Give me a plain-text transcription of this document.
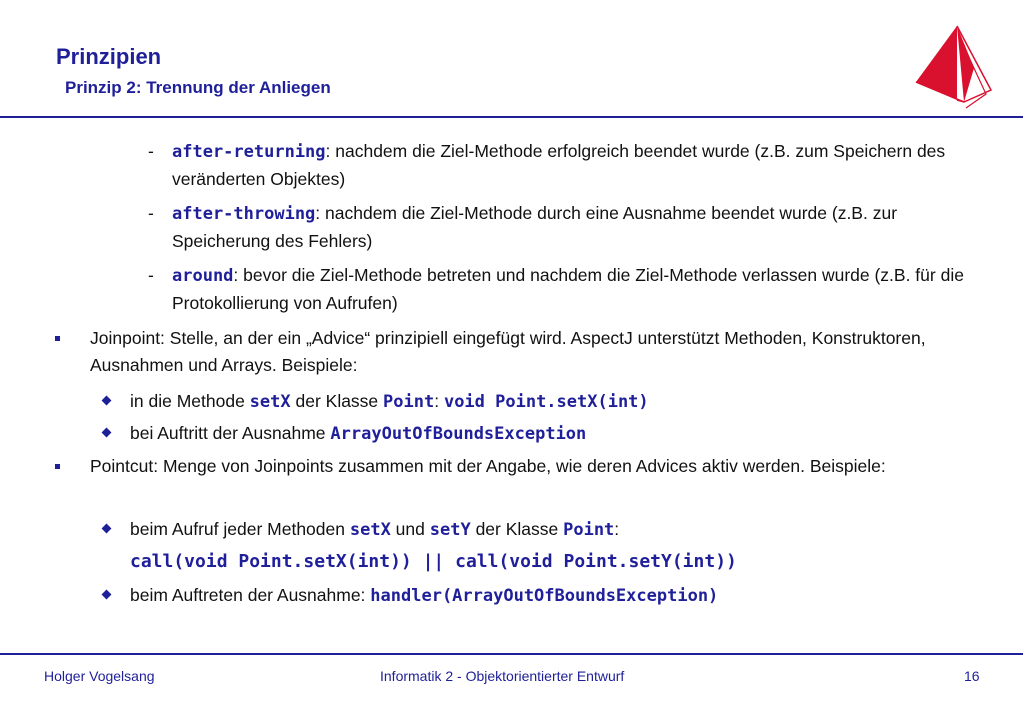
Prinzipien
Prinzip 2: Trennung der Anliegen
- after-returning: nachdem die Ziel-Methode erfolgreich beendet wurde (z.B. zum Speichern des veränderten Objektes)
- after-throwing: nachdem die Ziel-Methode durch eine Ausnahme beendet wurde (z.B. zur Speicherung des Fehlers)
- around: bevor die Ziel-Methode betreten und nachdem die Ziel-Methode verlassen wurde (z.B. für die Protokollierung von Aufrufen)
Joinpoint: Stelle, an der ein „Advice“ prinzipiell eingefügt wird. AspectJ unterstützt Methoden, Konstruktoren, Ausnahmen und Arrays. Beispiele:
in die Methode setX der Klasse Point: void Point.setX(int)
bei Auftritt der Ausnahme ArrayOutOfBoundsException
Pointcut: Menge von Joinpoints zusammen mit der Angabe, wie deren Advices aktiv werden. Beispiele:
beim Aufruf jeder Methoden setX und setY der Klasse Point:
call(void Point.setX(int)) || call(void Point.setY(int))
beim Auftreten der Ausnahme: handler(ArrayOutOfBoundsException)
Holger Vogelsang	Informatik 2 - Objektorientierter Entwurf	16
